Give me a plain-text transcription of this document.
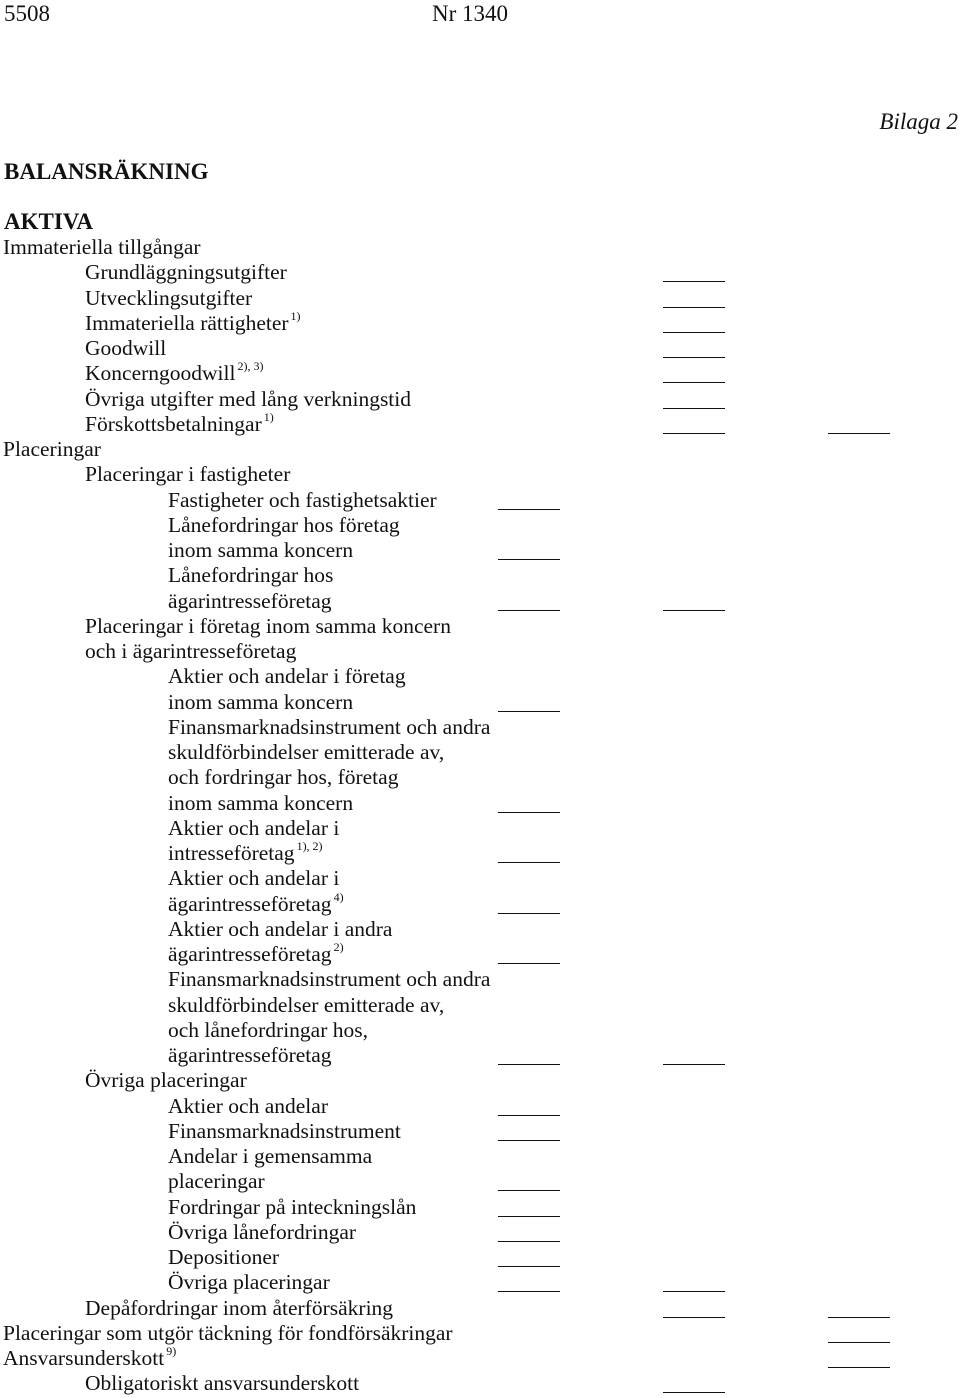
5508	Nr 1340
Bilaga 2
BALANSRÄKNING
AKTIVA
Immateriella tillgångar
Grundläggningsutgifter
Utvecklingsutgifter
Immateriella rättigheter $^{1)}$
Goodwill
Koncerngoodwill $^{2), 3)}$
Övriga utgifter med lång verkningstid
Förskottsbetalningar $^{1)}$
Placeringar
Placeringar i fastigheter
Fastigheter och fastighetsaktier
Lånefordringar hos företag
inom samma koncern
Lånefordringar hos
ägarintresseföretag
Placeringar i företag inom samma koncern
och i ägarintresseföretag
Aktier och andelar i företag
inom samma koncern
Finansmarknadsinstrument och andra
skuldförbindelser emitterade av,
och fordringar hos, företag
inom samma koncern
Aktier och andelar i
intresseföretag $^{1), 2)}$
Aktier och andelar i
ägarintresseföretag $^{4)}$
Aktier och andelar i andra
ägarintresseföretag $^{2)}$
Finansmarknadsinstrument och andra
skuldförbindelser emitterade av,
och lånefordringar hos,
ägarintresseföretag
Övriga placeringar
Aktier och andelar
Finansmarknadsinstrument
Andelar i gemensamma
placeringar
Fordringar på inteckningslån
Övriga lånefordringar
Depositioner
Övriga placeringar
Depåfordringar inom återförsäkring
Placeringar som utgör täckning för fondförsäkringar
Ansvarsunderskott $^{9)}$
Obligatoriskt ansvarsunderskott
